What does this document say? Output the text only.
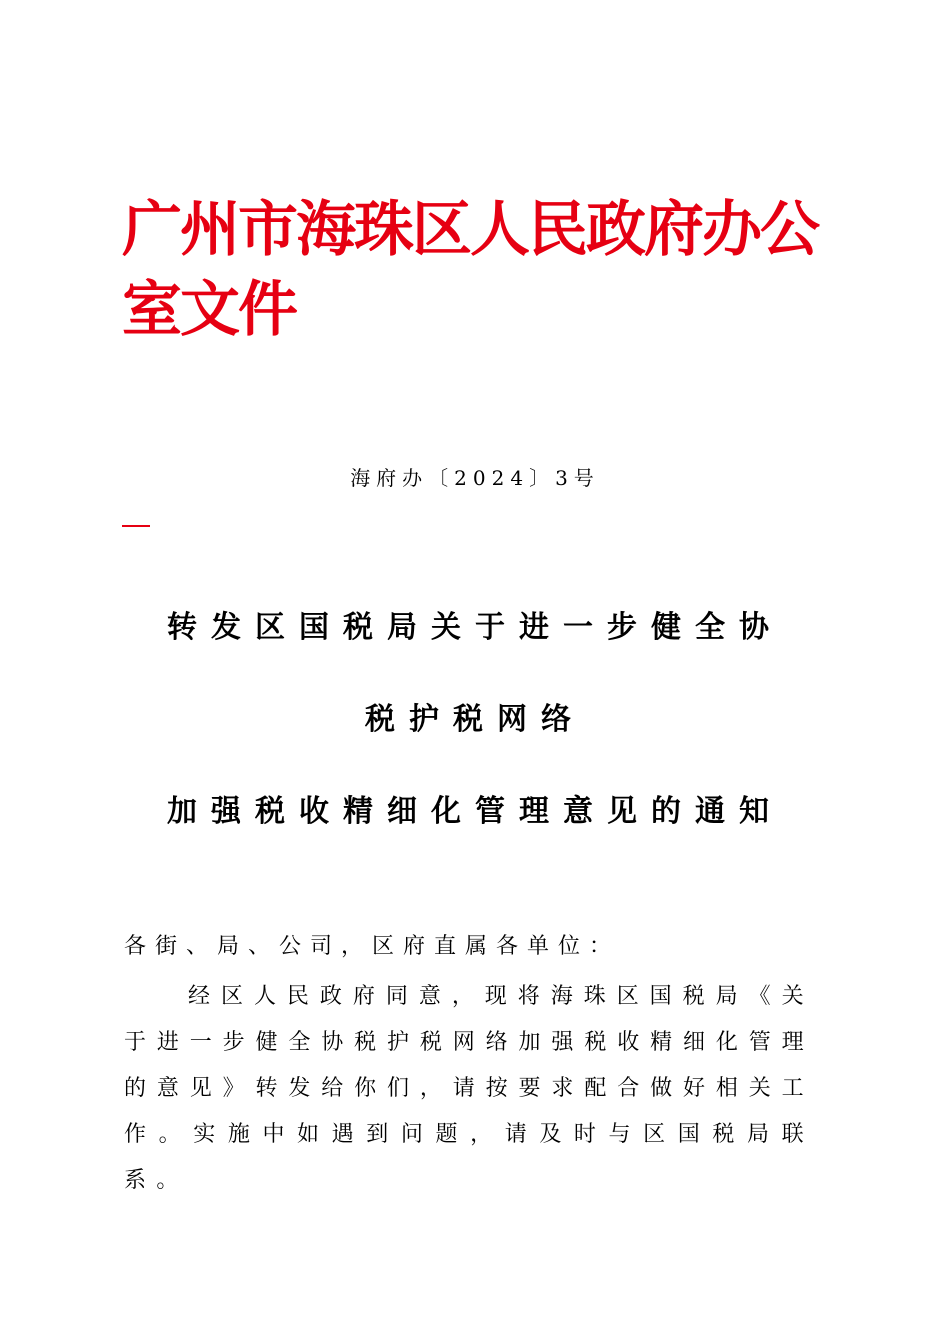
广州市海珠区人民政府办公室文件
海府办〔2024〕3号
转发区国税局关于进一步健全协
税护税网络
加强税收精细化管理意见的通知

各街、局、公司，区府直属各单位：

经区人民政府同意，现将海珠区国税局《关于进一步健全协税护税网络加强税收精细化管理的意见》转发给你们，请按要求配合做好相关工作。实施中如遇到问题，请及时与区国税局联系。
